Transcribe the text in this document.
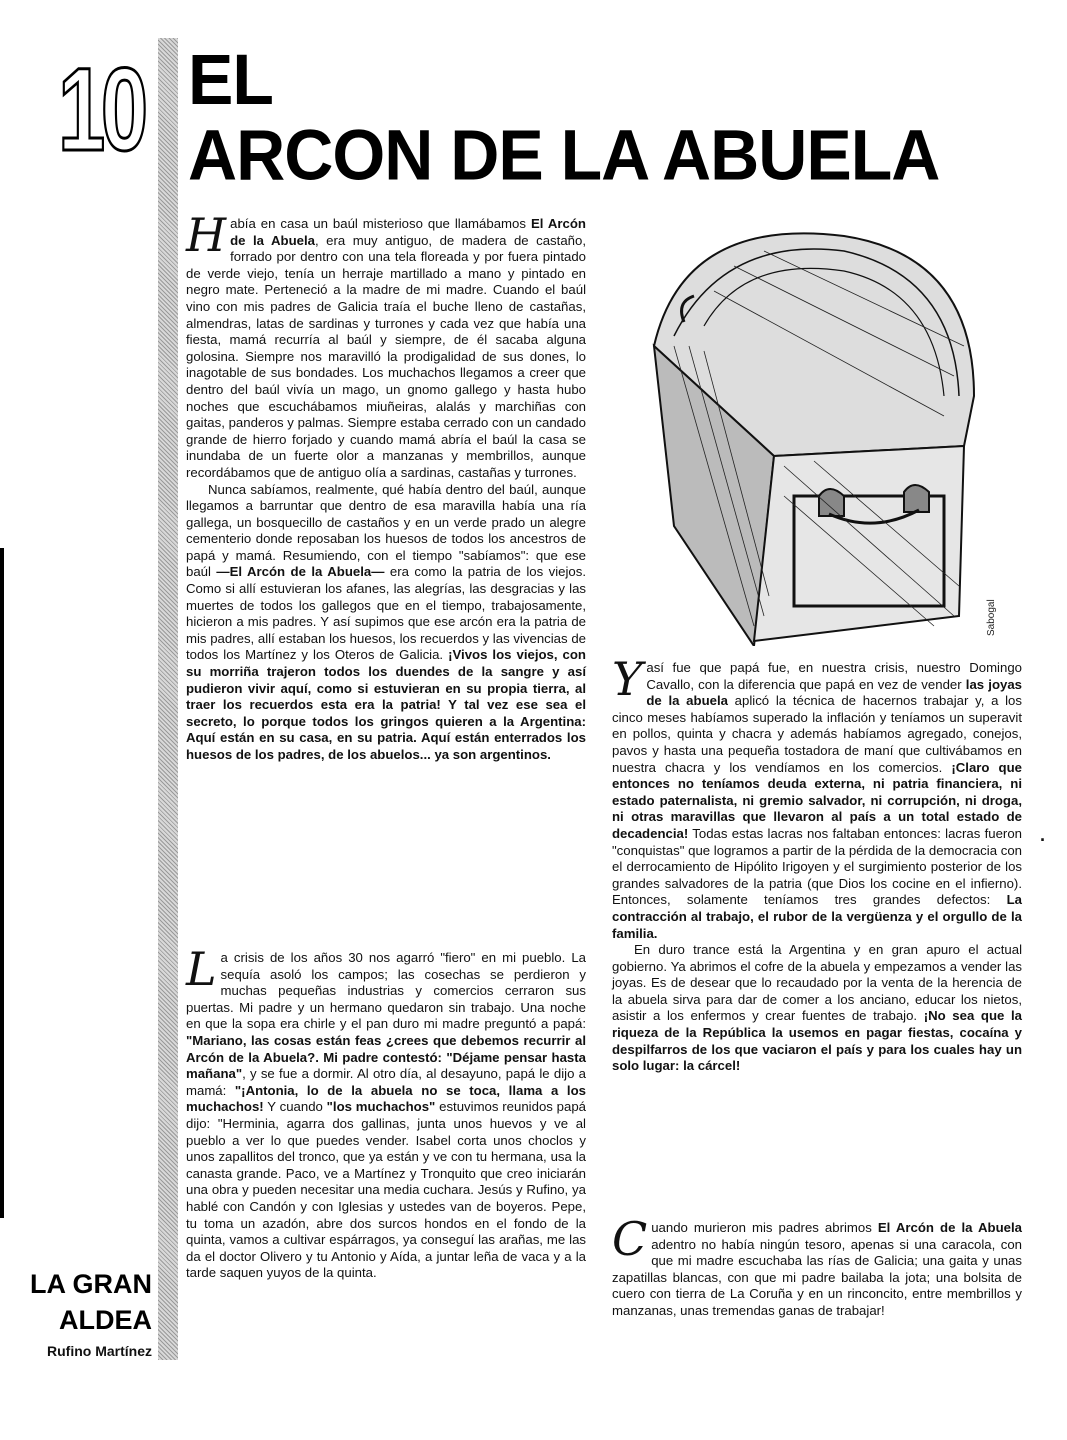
10 EL
ARCON DE LA ABUELA

Había en casa un baúl misterioso que llamábamos El Arcón de la Abuela, era muy antiguo, de madera de castaño, forrado por dentro con una tela floreada y por fuera pintado de verde viejo, tenía un herraje martillado a mano y pintado en negro mate. Perteneció a la madre de mi madre. Cuando el baúl vino con mis padres de Galicia traía el buche lleno de castañas, almendras, latas de sardinas y turrones y cada vez que había una fiesta, mamá recurría al baúl y siempre, de él sacaba alguna golosina. Siempre nos maravilló la prodigalidad de sus dones, lo inagotable de sus bondades. Los muchachos llegamos a creer que dentro del baúl vivía un mago, un gnomo gallego y hasta hubo noches que escuchábamos miuñeiras, alalás y marchiñas con gaitas, panderos y palmas. Siempre estaba cerrado con un candado grande de hierro forjado y cuando mamá abría el baúl la casa se inundaba de un fuerte olor a manzanas y membrillos, aunque recordábamos que de antiguo olía a sardinas, castañas y turrones.

Nunca sabíamos, realmente, qué había dentro del baúl, aunque llegamos a barruntar que dentro de esa maravilla había una ría gallega, un bosquecillo de castaños y en un verde prado un alegre cementerio donde reposaban los huesos de todos los ancestros de papá y mamá. Resumiendo, con el tiempo "sabíamos": que ese baúl —El Arcón de la Abuela— era como la patria de los viejos. Como si allí estuvieran los afanes, las alegrías, las desgracias y las muertes de todos los gallegos que en el tiempo, trabajosamente, hicieron a mis padres. Y así supimos que ese arcón era la patria de mis padres, allí estaban los huesos, los recuerdos y las vivencias de todos los Martínez y los Oteros de Galicia. ¡Vivos los viejos, con su morriña trajeron todos los duendes de la sangre y así pudieron vivir aquí, como si estuvieran en su propia tierra, al traer los recuerdos esta era la patria! Y tal vez ese sea el secreto, lo porque todos los gringos quieren a la Argentina: Aquí están en su casa, en su patria. Aquí están enterrados los huesos de los padres, de los abuelos... ya son argentinos.

La crisis de los años 30 nos agarró "fiero" en mi pueblo. La sequía asoló los campos; las cosechas se perdieron y muchas pequeñas industrias y comercios cerraron sus puertas. Mi padre y un hermano quedaron sin trabajo. Una noche en que la sopa era chirle y el pan duro mi madre preguntó a papá: "Mariano, las cosas están feas ¿crees que debemos recurrir al Arcón de la Abuela?. Mi padre contestó: "Déjame pensar hasta mañana", y se fue a dormir. Al otro día, al desayuno, papá le dijo a mamá: "¡Antonia, lo de la abuela no se toca, llama a los muchachos! Y cuando "los muchachos" estuvimos reunidos papá dijo: "Herminia, agarra dos gallinas, junta unos huevos y ve al pueblo a ver lo que puedes vender. Isabel corta unos choclos y unos zapallitos del tronco, que ya están y ve con tu hermana, usa la canasta grande. Paco, ve a Martínez y Tronquito que creo iniciarán una obra y pueden necesitar una media cuchara. Jesús y Rufino, ya hablé con Candón y con Iglesias y ustedes van de boyeros. Pepe, tu toma un azadón, abre dos surcos hondos en el fondo de la quinta, vamos a cultivar espárragos, ya conseguí las arañas, me las da el doctor Olivero y tu Antonio y Aída, a juntar leña de vaca y a la tarde saquen yuyos de la quinta.

Sabogal

Y así fue que papá fue, en nuestra crisis, nuestro Domingo Cavallo, con la diferencia que papá en vez de vender las joyas de la abuela aplicó la técnica de hacernos trabajar y, a los cinco meses habíamos superado la inflación y teníamos un superavit en pollos, quinta y chacra y además habíamos agregado, conejos, pavos y hasta una pequeña tostadora de maní que cultivábamos en nuestra chacra y los vendíamos en los comercios. ¡Claro que entonces no teníamos deuda externa, ni patria financiera, ni estado paternalista, ni gremio salvador, ni corrupción, ni droga, ni otras maravillas que llevaron al país a un total estado de decadencia! Todas estas lacras nos faltaban entonces: lacras fueron "conquistas" que logramos a partir de la pérdida de la democracia con el derrocamiento de Hipólito Irigoyen y el surgimiento posterior de los grandes salvadores de la patria (que Dios los cocine en el infierno). Entonces, solamente teníamos tres grandes defectos: La contracción al trabajo, el rubor de la vergüenza y el orgullo de la familia.

En duro trance está la Argentina y en gran apuro el actual gobierno. Ya abrimos el cofre de la abuela y empezamos a vender las joyas. Es de desear que lo recaudado por la venta de la herencia de la abuela sirva para dar de comer a los anciano, educar los nietos, asistir a los enfermos y crear fuentes de trabajo. ¡No sea que la riqueza de la República la usemos en pagar fiestas, cocaína y despilfarros de los que vaciaron el país y para los cuales hay un solo lugar: la cárcel!

Cuando murieron mis padres abrimos El Arcón de la Abuela adentro no había ningún tesoro, apenas si una caracola, con que mi madre escuchaba las rías de Galicia; una gaita y unas zapatillas blancas, con que mi padre bailaba la jota; una bolsita de cuero con tierra de La Coruña y en un rinconcito, entre membrillos y manzanas, unas tremendas ganas de trabajar!

·
LA GRAN
ALDEA
Rufino Martínez
